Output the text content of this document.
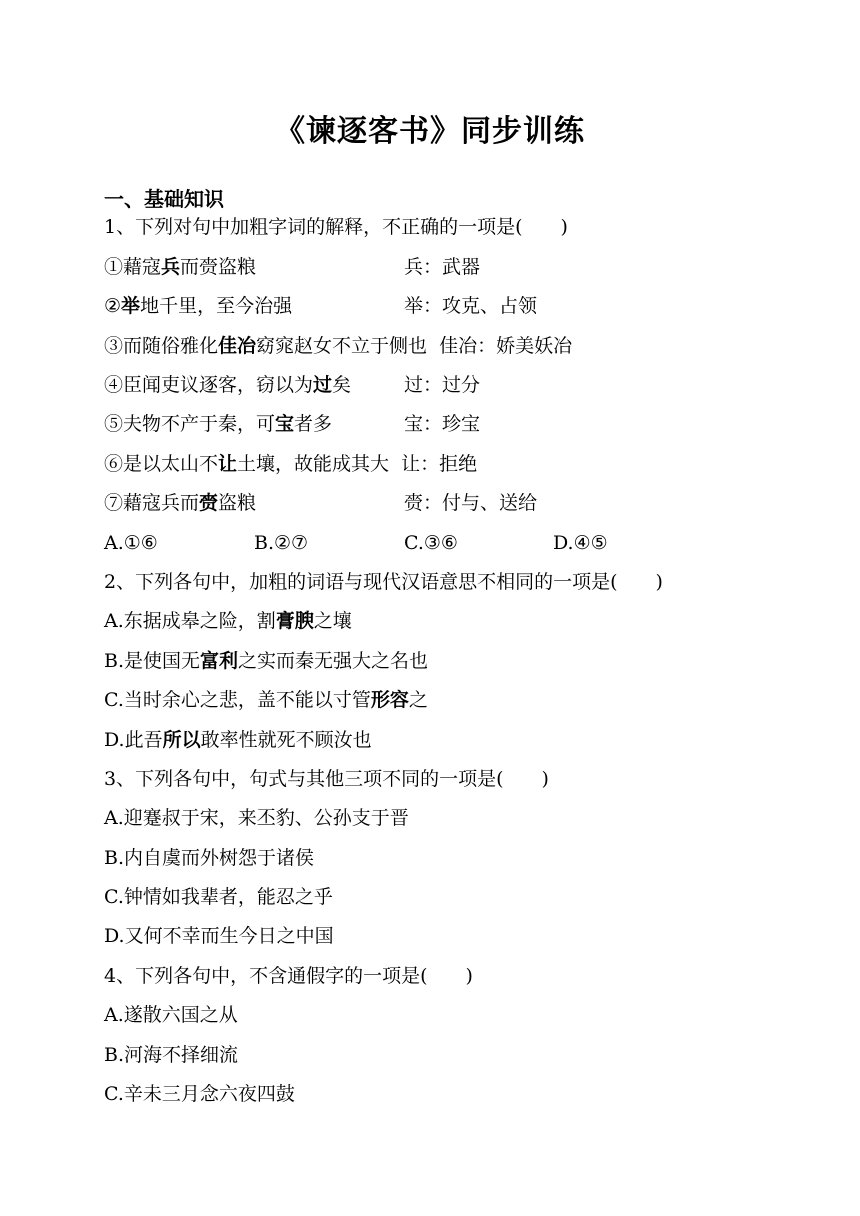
《谏逐客书》同步训练
一、基础知识
1、下列对句中加粗字词的解释，不正确的一项是(　　)
①藉寇兵而赍盗粮	兵：武器
②举地千里，至今治强	举：攻克、占领
③而随俗雅化佳冶窈窕赵女不立于侧也 佳冶：娇美妖冶
④臣闻吏议逐客，窃以为过矣	过：过分
⑤夫物不产于秦，可宝者多	宝：珍宝
⑥是以太山不让土壤，故能成其大 让：拒绝
⑦藉寇兵而赍盗粮	赍：付与、送给
A.①⑥	B.②⑦	C.③⑥	D.④⑤
2、下列各句中，加粗的词语与现代汉语意思不相同的一项是(　　)
A.东据成皋之险，割膏腴之壤
B.是使国无富利之实而秦无强大之名也
C.当时余心之悲，盖不能以寸管形容之
D.此吾所以敢率性就死不顾汝也
3、下列各句中，句式与其他三项不同的一项是(　　)
A.迎蹇叔于宋，来丕豹、公孙支于晋
B.内自虞而外树怨于诸侯
C.钟情如我辈者，能忍之乎
D.又何不幸而生今日之中国
4、下列各句中，不含通假字的一项是(　　)
A.遂散六国之从
B.河海不择细流
C.辛未三月念六夜四鼓
